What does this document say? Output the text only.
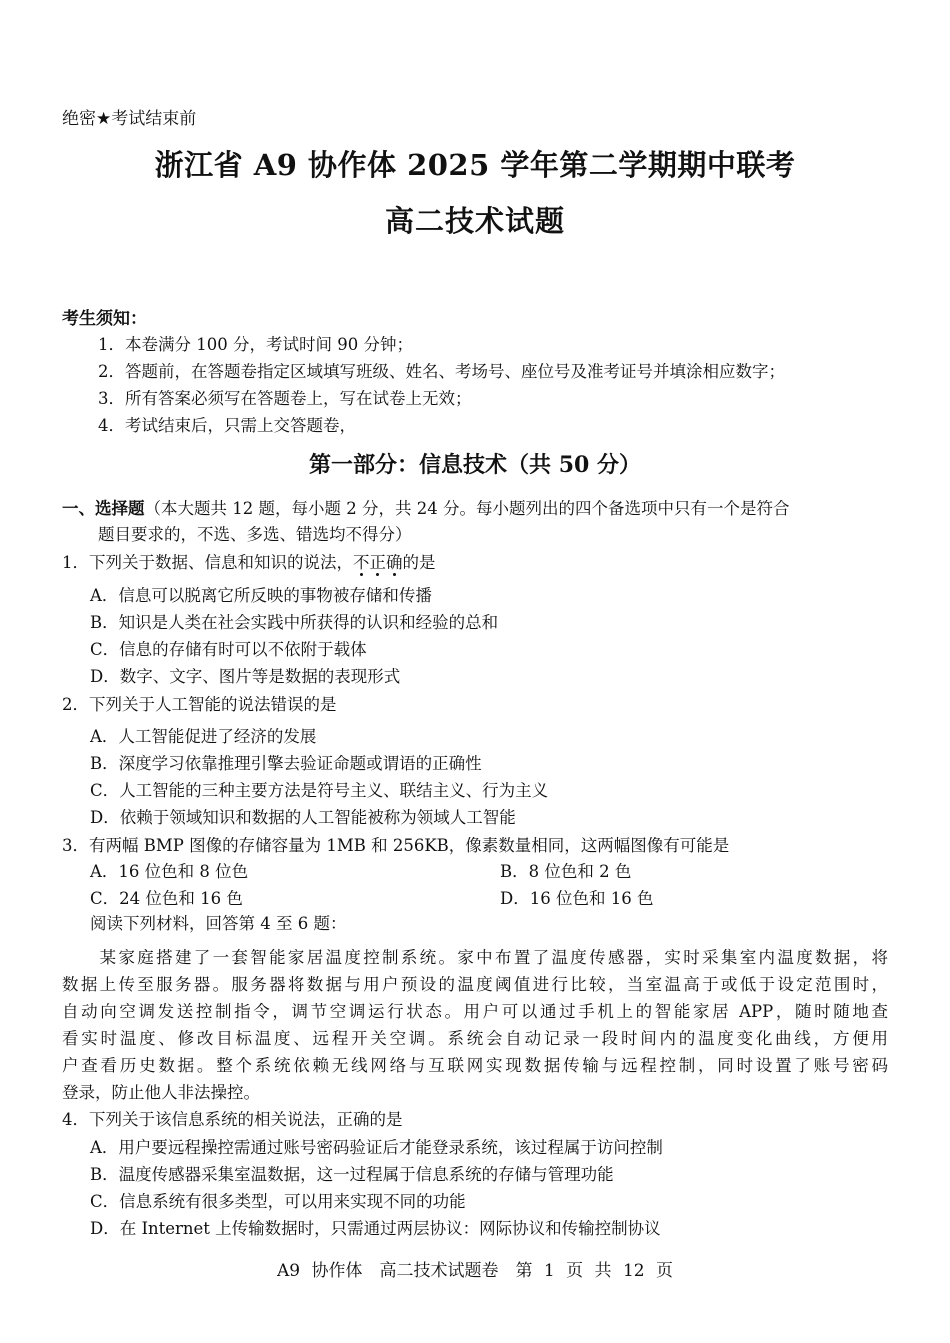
绝密★考试结束前
浙江省 A9 协作体 2025 学年第二学期期中联考
高二技术试题
考生须知：
1．本卷满分 100 分，考试时间 90 分钟；
2．答题前，在答题卷指定区域填写班级、姓名、考场号、座位号及准考证号并填涂相应数字；
3．所有答案必须写在答题卷上，写在试卷上无效；
4．考试结束后，只需上交答题卷，
第一部分：信息技术（共 50 分）
一、选择题（本大题共 12 题，每小题 2 分，共 24 分。每小题列出的四个备选项中只有一个是符合
题目要求的，不选、多选、错选均不得分）
1．下列关于数据、信息和知识的说法，不正确的是
A．信息可以脱离它所反映的事物被存储和传播
B．知识是人类在社会实践中所获得的认识和经验的总和
C．信息的存储有时可以不依附于载体
D．数字、文字、图片等是数据的表现形式
2．下列关于人工智能的说法错误的是
A．人工智能促进了经济的发展
B．深度学习依靠推理引擎去验证命题或谓语的正确性
C．人工智能的三种主要方法是符号主义、联结主义、行为主义
D．依赖于领域知识和数据的人工智能被称为领域人工智能
3．有两幅 BMP 图像的存储容量为 1MB 和 256KB，像素数量相同，这两幅图像有可能是
A．16 位色和 8 位色	B．8 位色和 2 色
C．24 位色和 16 色	D．16 位色和 16 色
阅读下列材料，回答第 4 至 6 题：
　　某家庭搭建了一套智能家居温度控制系统。家中布置了温度传感器，实时采集室内温度数据，将
数据上传至服务器。服务器将数据与用户预设的温度阈值进行比较，当室温高于或低于设定范围时，
自动向空调发送控制指令，调节空调运行状态。用户可以通过手机上的智能家居 APP，随时随地查
看实时温度、修改目标温度、远程开关空调。系统会自动记录一段时间内的温度变化曲线，方便用
户查看历史数据。整个系统依赖无线网络与互联网实现数据传输与远程控制，同时设置了账号密码
登录，防止他人非法操控。
4．下列关于该信息系统的相关说法，正确的是
A．用户要远程操控需通过账号密码验证后才能登录系统，该过程属于访问控制
B．温度传感器采集室温数据，这一过程属于信息系统的存储与管理功能
C．信息系统有很多类型，可以用来实现不同的功能
D．在 Internet 上传输数据时，只需通过两层协议：网际协议和传输控制协议
A9 协作体　高二技术试题卷　第 1 页 共 12 页
